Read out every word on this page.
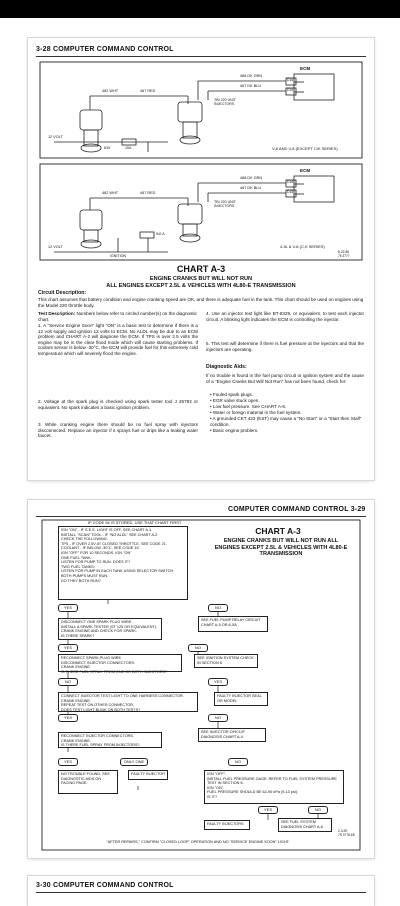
3-28 COMPUTER COMMAND CONTROL
ECM
468 DK GRN
467 DK BLU
D16
D15
482 WHT	467 RED
TBI 220 UNIT INJECTORS
12 VOLT
10A
639	V-6 AND V-8 (EXCEPT C/K SERIES)
ECM
468 DK GRN
467 DK BLU
D16
D15
482 WHT	467 RED
TBI 220 UNIT INJECTORS
12 VOLT
INJ A
IGNITION
4.3L & V-8 (C,K SERIES)
8-22-86
75 3777
CHART A-3
ENGINE CRANKS BUT WILL NOT RUN
ALL ENGINES EXCEPT 2.5L & VEHICLES WITH 4L80-E TRANSMISSION
Circuit Description:
This chart assumes that battery condition and engine cranking speed are OK, and there is adequate fuel in the tank. This chart should be used on engines using the Model 220 throttle body.
Test Description: Numbers below refer to circled number(s) on the diagnostic chart.
1. A "Service Engine Soon" light "ON" is a basic test to determine if there is a 12 volt supply and ignition 12 volts to ECM. No ALDL may be due to an ECM problem and CHART A-2 will diagnose the ECM. If TPS is over 2.5 volts the engine may be in the clear flood mode which will cause starting problems. If coolant sensor is below -30°C, the ECM will provide fuel for this extremely cold temperature which will severely flood the engine.
2. Voltage at the spark plug is checked using spark tester tool J 26792 or equivalent. No spark indicates a basic ignition problem.
3. While cranking engine there should be no fuel spray with injectors disconnected. Replace an injector if it sprays fuel or drips like a leaking water faucet.
4. Use an injector test light like BT-8329, or equivalent, to test each injector circuit. A blinking light indicates the ECM is controlling the injector.
5. This test will determine if there is fuel pressure at the injectors and that the injectors are operating.
Diagnostic Aids:
If no trouble is found in the fuel pump circuit or ignition system and the cause of a "Engine Cranks But Will Not Run" has not been found, check for:
• Fouled spark plugs.
• EGR valve stuck open.
• Low fuel pressure. See CHART A-6.
• Water or foreign material in the fuel system.
• A grounded CKT 423 (EST) may cause a "No Start" or a "Start then Stall" condition.
• Basic engine problem.
COMPUTER COMMAND CONTROL 3-29
IF CODE 54 IS STORED, USE THAT CHART FIRST
IGN "ON" - IF S.E.S. LIGHT IS OFF, SEE CHART A-1
INSTALL "SCAN" TOOL - IF "NO ALDL" SEE CHART A-2
CHECK THE FOLLOWING:
TPS - IF OVER 2.5V AT CLOSED THROTTLE, SEE CODE 21.
COOLANT - IF BELOW -30°C, SEE CODE 15.
IGN "OFF" FOR 10 SECONDS. IGN "ON"
ONE FUEL TANK:
LISTEN FOR PUMP TO RUN. DOES IT?
TWO FUEL TANKS:
LISTEN FOR PUMP IN EACH TANK USING SELECTOR SWITCH. BOTH PUMPS MUST RUN.
DO THEY BOTH RUN?
CHART A-3
ENGINE CRANKS BUT WILL NOT RUN ALL ENGINES EXCEPT 2.5L & VEHICLES WITH 4L80-E TRANSMISSION
YES	NO
SEE FUEL PUMP RELAY CIRCUIT CHART A-5 OR A-5A
DISCONNECT ONE SPARK PLUG WIRE.
INSTALL A SPARK TESTER (ST 125 OR EQUIVALENT).
CRANK ENGINE AND CHECK FOR SPARK.
IS THERE SPARK?
YES	NO
SEE IGNITION SYSTEM CHECK IN SECTION 6
RECONNECT SPARK PLUG WIRE.
DISCONNECT INJECTOR CONNECTORS.
CRANK ENGINE.
IS THERE FUEL SPRAY FROM ONE OR BOTH INJECTORS?
NO	YES
FAULTY INJECTOR SEAL OR MODEL
CONNECT INJECTOR TEST LIGHT TO ONE HARNESS CONNECTOR.
CRANK ENGINE.
REPEAT TEST ON OTHER CONNECTOR.
DOES TEST LIGHT BLINK ON BOTH TESTS?
YES	NO
SEE INJECTOR CIRCUIT DIAGNOSIS CHART A-4
RECONNECT INJECTOR CONNECTORS.
CRANK ENGINE.
IS THERE FUEL SPRAY FROM INJECTORS?
YES	ONLY ONE	NO
NO TROUBLE FOUND. SEE DIAGNOSTIC AIDS ON FACING PAGE.
FAULTY INJECTOR	IGN "OFF".
INSTALL FUEL PRESSURE GAGE. REFER TO FUEL SYSTEM PRESSURE TEST IN SECTION 6.
IGN "ON".
FUEL PRESSURE SHOULD BE 62-90 kPa (9-13 psi).
IS IT?
YES	NO
FAULTY INJECTORS	SEE FUEL SYSTEM DIAGNOSIS CHART A-6
2-3-90
7S 3778-6E
"AFTER REPAIRS," CONFIRM "CLOSED LOOP" OPERATION AND NO "SERVICE ENGINE SOON" LIGHT.
3-30 COMPUTER COMMAND CONTROL
